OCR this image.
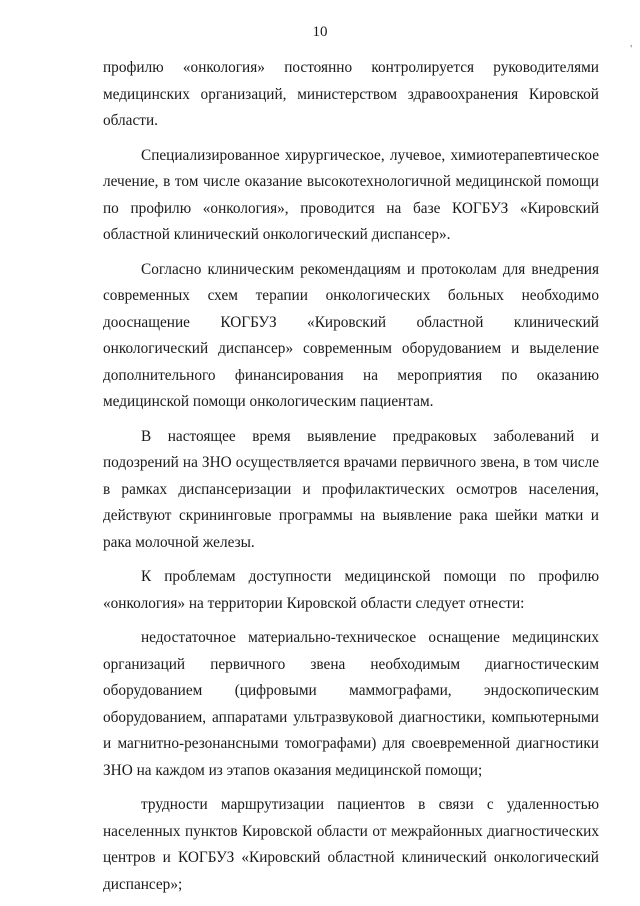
10
'

профилю «онкология» постоянно контролируется руководителями медицинских организаций, министерством здравоохранения Кировской области.

Специализированное хирургическое, лучевое, химиотерапевтическое лечение, в том числе оказание высокотехнологичной медицинской помощи по профилю «онкология», проводится на базе КОГБУЗ «Кировский областной клинический онкологический диспансер».

Согласно клиническим рекомендациям и протоколам для внедрения современных схем терапии онкологических больных необходимо дооснащение КОГБУЗ «Кировский областной клинический онкологический диспансер» современным оборудованием и выделение дополнительного финансирования на мероприятия по оказанию медицинской помощи онкологическим пациентам.

В настоящее время выявление предраковых заболеваний и подозрений на ЗНО осуществляется врачами первичного звена, в том числе в рамках диспансеризации и профилактических осмотров населения, действуют скрининговые программы на выявление рака шейки матки и рака молочной железы.

К проблемам доступности медицинской помощи по профилю «онкология» на территории Кировской области следует отнести:

недостаточное материально-техническое оснащение медицинских организаций первичного звена необходимым диагностическим оборудованием (цифровыми маммографами, эндоскопическим оборудованием, аппаратами ультразвуковой диагностики, компьютерными и магнитно-резонансными томографами) для своевременной диагностики ЗНО на каждом из этапов оказания медицинской помощи;

трудности маршрутизации пациентов в связи с удаленностью населенных пунктов Кировской области от межрайонных диагностических центров и КОГБУЗ «Кировский областной клинический онкологический диспансер»;
